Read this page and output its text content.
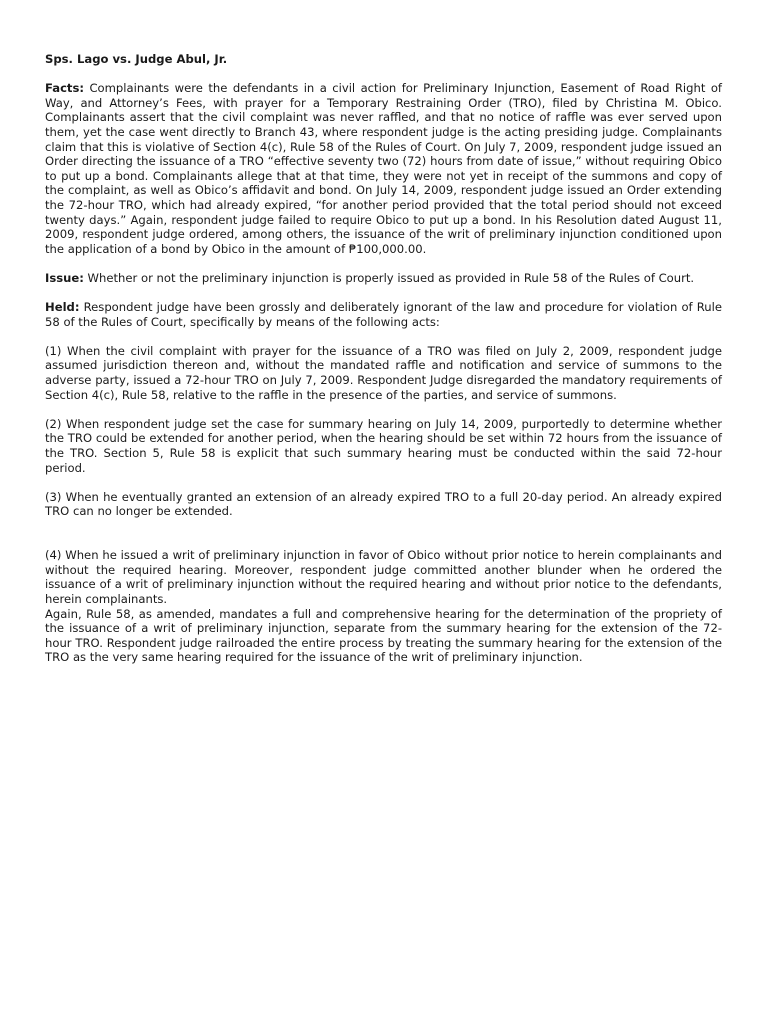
Sps. Lago vs. Judge Abul, Jr.

Facts: Complainants were the defendants in a civil action for Preliminary Injunction, Easement of Road Right of Way, and Attorney’s Fees, with prayer for a Temporary Restraining Order (TRO), filed by Christina M. Obico. Complainants assert that the civil complaint was never raffled, and that no notice of raffle was ever served upon them, yet the case went directly to Branch 43, where respondent judge is the acting presiding judge. Complainants claim that this is violative of Section 4(c), Rule 58 of the Rules of Court. On July 7, 2009, respondent judge issued an Order directing the issuance of a TRO “effective seventy two (72) hours from date of issue,” without requiring Obico to put up a bond. Complainants allege that at that time, they were not yet in receipt of the summons and copy of the complaint, as well as Obico’s affidavit and bond. On July 14, 2009, respondent judge issued an Order extending the 72-hour TRO, which had already expired, “for another period provided that the total period should not exceed twenty days.” Again, respondent judge failed to require Obico to put up a bond. In his Resolution dated August 11, 2009, respondent judge ordered, among others, the issuance of the writ of preliminary injunction conditioned upon the application of a bond by Obico in the amount of ₱100,000.00.

Issue: Whether or not the preliminary injunction is properly issued as provided in Rule 58 of the Rules of Court.

Held: Respondent judge have been grossly and deliberately ignorant of the law and procedure for violation of Rule 58 of the Rules of Court, specifically by means of the following acts:

(1) When the civil complaint with prayer for the issuance of a TRO was filed on July 2, 2009, respondent judge assumed jurisdiction thereon and, without the mandated raffle and notification and service of summons to the adverse party, issued a 72-hour TRO on July 7, 2009. Respondent Judge disregarded the mandatory requirements of Section 4(c), Rule 58, relative to the raffle in the presence of the parties, and service of summons.

(2) When respondent judge set the case for summary hearing on July 14, 2009, purportedly to determine whether the TRO could be extended for another period, when the hearing should be set within 72 hours from the issuance of the TRO. Section 5, Rule 58 is explicit that such summary hearing must be conducted within the said 72-hour period.

(3) When he eventually granted an extension of an already expired TRO to a full 20-day period. An already expired TRO can no longer be extended.

(4) When he issued a writ of preliminary injunction in favor of Obico without prior notice to herein complainants and without the required hearing. Moreover, respondent judge committed another blunder when he ordered the issuance of a writ of preliminary injunction without the required hearing and without prior notice to the defendants, herein complainants.

Again, Rule 58, as amended, mandates a full and comprehensive hearing for the determination of the propriety of the issuance of a writ of preliminary injunction, separate from the summary hearing for the extension of the 72-hour TRO. Respondent judge railroaded the entire process by treating the summary hearing for the extension of the TRO as the very same hearing required for the issuance of the writ of preliminary injunction.
